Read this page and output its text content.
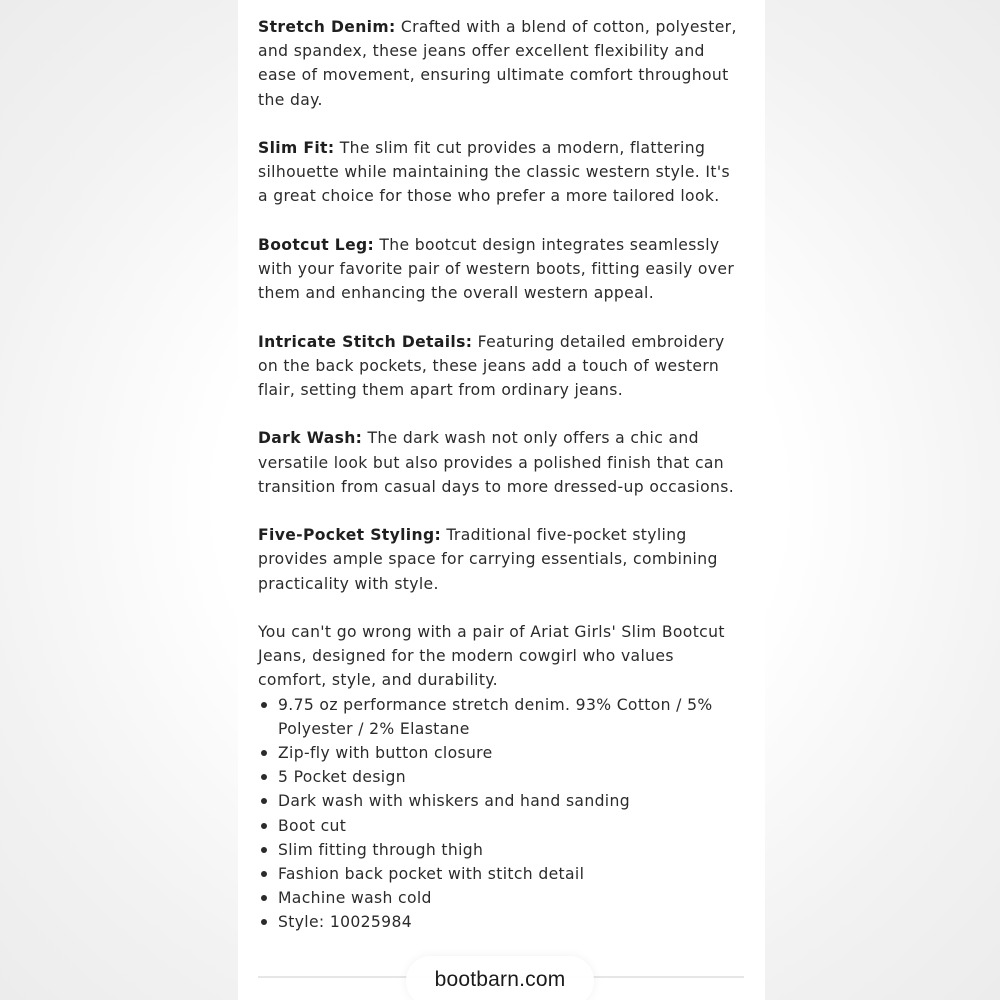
Stretch Denim: Crafted with a blend of cotton, polyester, and spandex, these jeans offer excellent flexibility and ease of movement, ensuring ultimate comfort throughout the day.

Slim Fit: The slim fit cut provides a modern, flattering silhouette while maintaining the classic western style. It's a great choice for those who prefer a more tailored look.

Bootcut Leg: The bootcut design integrates seamlessly with your favorite pair of western boots, fitting easily over them and enhancing the overall western appeal.

Intricate Stitch Details: Featuring detailed embroidery on the back pockets, these jeans add a touch of western flair, setting them apart from ordinary jeans.

Dark Wash: The dark wash not only offers a chic and versatile look but also provides a polished finish that can transition from casual days to more dressed-up occasions.

Five-Pocket Styling: Traditional five-pocket styling provides ample space for carrying essentials, combining practicality with style.

You can't go wrong with a pair of Ariat Girls' Slim Bootcut Jeans, designed for the modern cowgirl who values comfort, style, and durability.

9.75 oz performance stretch denim. 93% Cotton / 5% Polyester / 2% Elastane
Zip-fly with button closure
5 Pocket design
Dark wash with whiskers and hand sanding
Boot cut
Slim fitting through thigh
Fashion back pocket with stitch detail
Machine wash cold
Style: 10025984
bootbarn.com
